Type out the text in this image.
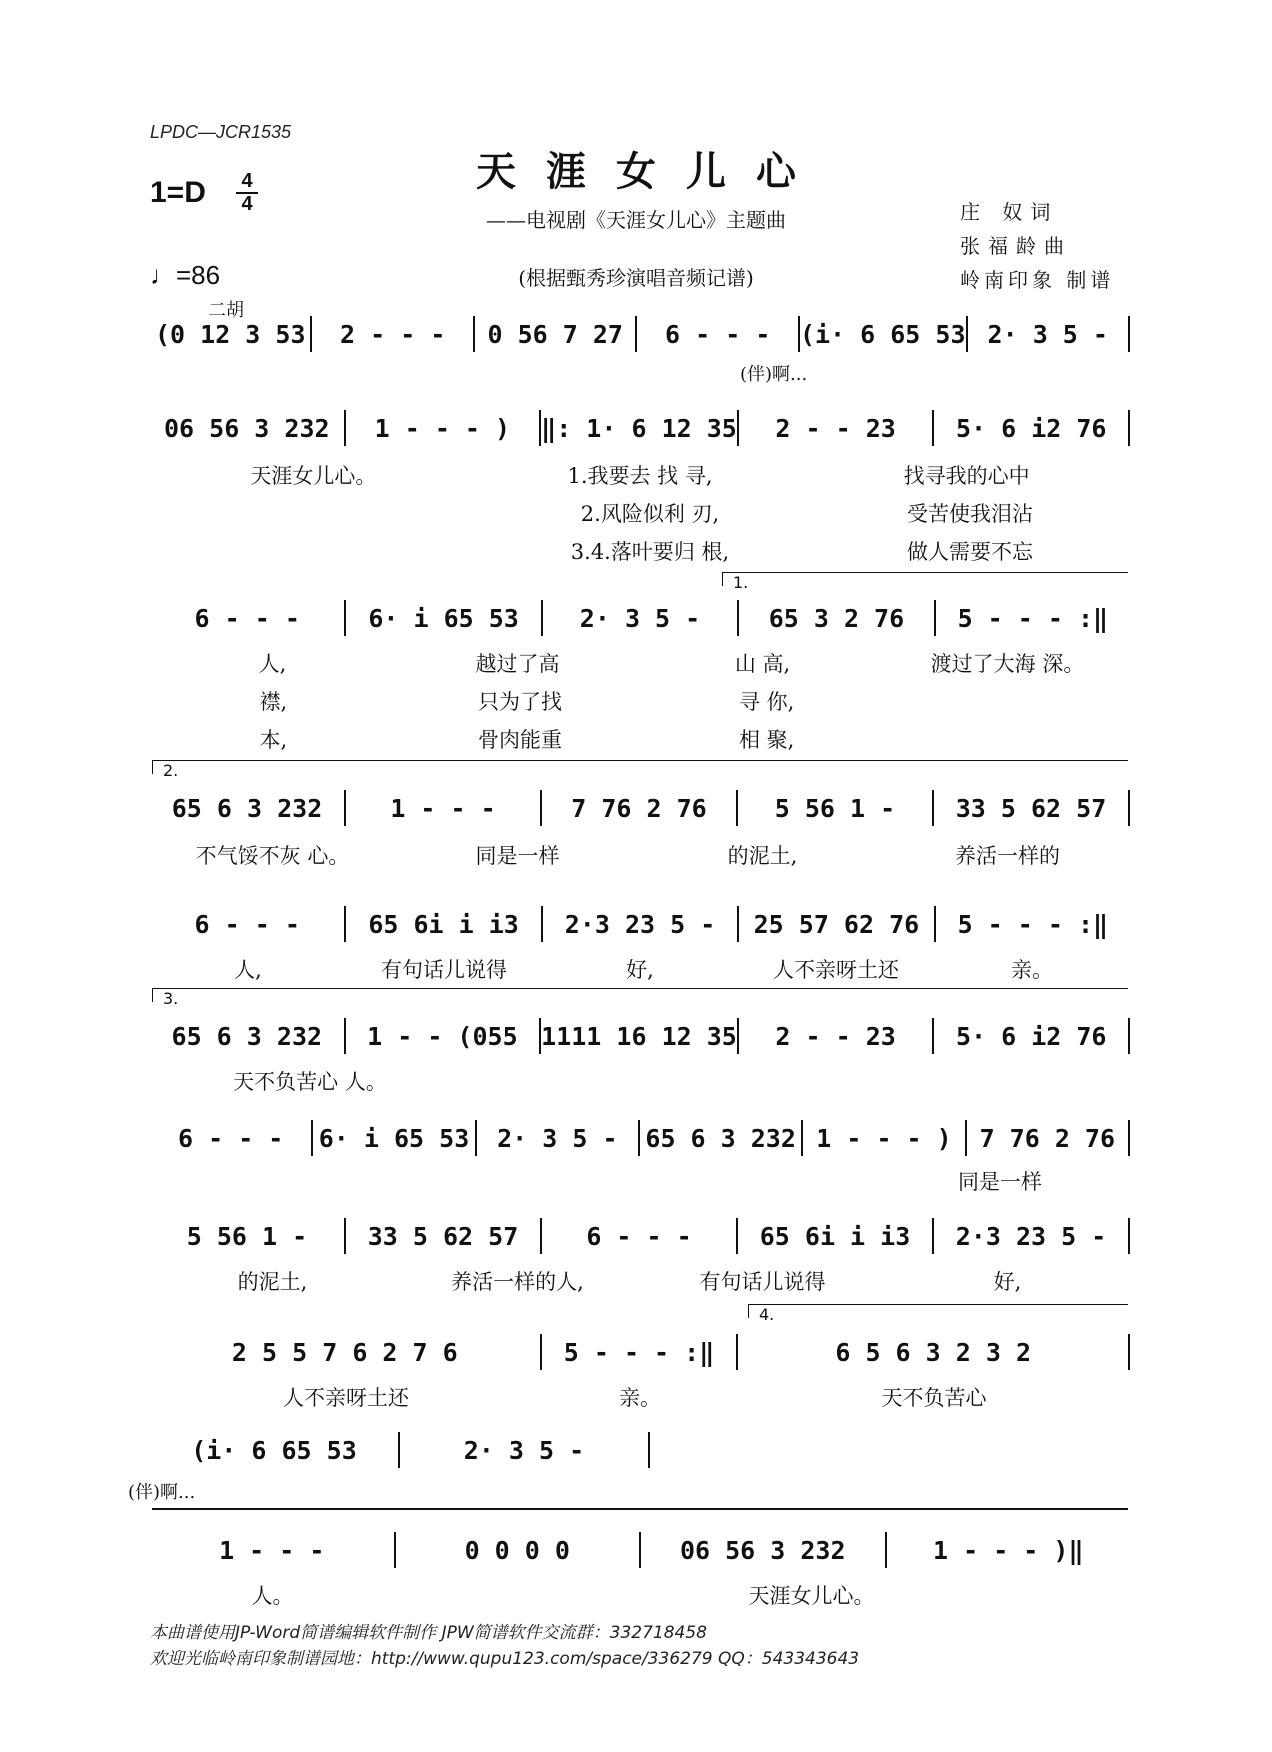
LPDC—JCR1535
天涯女儿心
——电视剧《天涯女儿心》主题曲
(根据甄秀珍演唱音频记谱)
1=D	4
4
♩=86
庄 奴词
张福龄曲
岭南印象 制谱
二胡
(0 12 3 53	2 - - -	0 56 7 27	6 - - -	(i· 6 65 53 2· 3 5 -
(伴)啊...
06 56 3 232	1 - - - )	‖: 1· 6 12 35	2 - - 23	5· 6 i2 76
天涯女儿心。	1.我要去 找 寻,	找寻我的心中
2.风险似利 刃,	受苦使我泪沾
3.4.落叶要归 根,	做人需要不忘
1.
6 - - -	6· i 65 53	2· 3 5 -	65 3 2 76	5 - - - :‖
人,	越过了高	山 高,	渡过了大海 深。
襟,	只为了找	寻 你,
本,	骨肉能重	相 聚,
2.
65 6 3 232	1 - - -	7 76 2 76	5 56 1 -	33 5 62 57
不气馁不灰 心。	同是一样	的泥土,	养活一样的
6 - - -	65 6i i i3	2·3 23 5 -	25 57 62 76	5 - - - :‖
人,	有句话儿说得	好,	人不亲呀土还	亲。
3.
65 6 3 232	1 - - (055 1111 16 12 35	2 - - 23	5· 6 i2 76
天不负苦心 人。
6 - - -	6· i 65 53	2· 3 5 -	65 6 3 232 1 - - - )	7 76 2 76
同是一样
5 56 1 -	33 5 62 57	6 - - -	65 6i i i3	2·3 23 5 -
的泥土,	养活一样的人,	有句话儿说得	好,
4.
2 5 5 7 6 2 7 6	5 - - - :‖	6 5 6 3 2 3 2
人不亲呀土还	亲。	天不负苦心
(i· 6 65 53	2· 3 5 -
(伴)啊...
1 - - -	0 0 0 0	06 56 3 232	1 - - - )‖
人。	天涯女儿心。
本曲谱使用JP-Word简谱编辑软件制作 JPW简谱软件交流群：332718458
欢迎光临岭南印象制谱园地：http://www.qupu123.com/space/336279 QQ：543343643
